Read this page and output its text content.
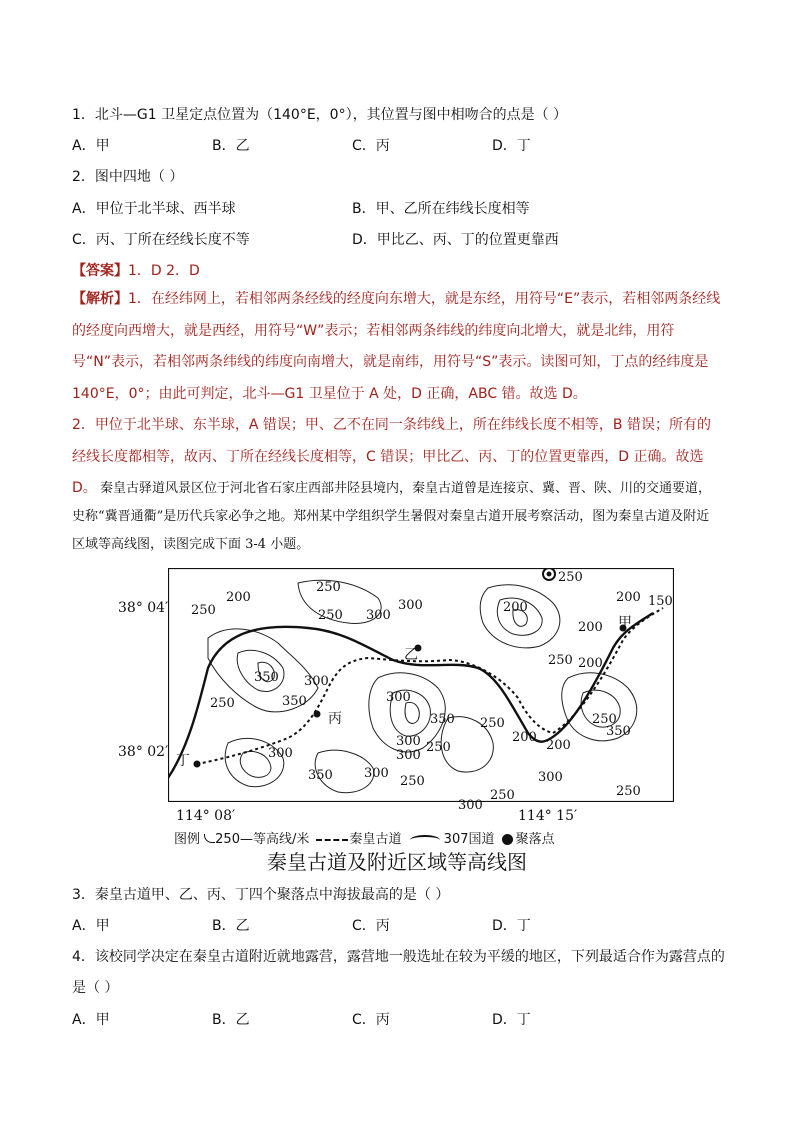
1．北斗—G1 卫星定点位置为（140°E，0°），其位置与图中相吻合的点是（ ）
A．甲	B．乙	C．丙	D．丁
2．图中四地（ ）
A．甲位于北半球、西半球	B．甲、乙所在纬线长度相等
C．丙、丁所在经线长度不等	D．甲比乙、丙、丁的位置更靠西
【答案】1．D 2．D
【解析】1．在经纬网上，若相邻两条经线的经度向东增大，就是东经，用符号“E”表示，若相邻两条经线的经度向西增大，就是西经，用符号“W”表示；若相邻两条纬线的纬度向北增大，就是北纬，用符号“N”表示，若相邻两条纬线的纬度向南增大，就是南纬，用符号“S”表示。读图可知，丁点的经纬度是 140°E，0°；由此可判定，北斗—G1 卫星位于 A 处，D 正确，ABC 错。故选 D。
2．甲位于北半球、东半球，A 错误；甲、乙不在同一条纬线上，所在纬线长度不相等，B 错误；所有的经线长度都相等，故丙、丁所在经线长度相等，C 错误；甲比乙、丙、丁的位置更靠西，D 正确。故选 D。 秦皇古驿道风景区位于河北省石家庄西部井陉县境内，秦皇古道曾是连接京、冀、晋、陕、川的交通要道，史称“冀晋通衢”是历代兵家必争之地。郑州某中学组织学生暑假对秦皇古道开展考察活动，图为秦皇古道及附近区域等高线图，读图完成下面 3-4 小题。
250
200
250
300
250
200 150
200
250 300
200
250 200
350 300
250	350	300
300
350 250
200
250
350
200
300	300
250
300
250
300
350	300
250	250
甲
乙
丙
丁
38° 04′
38° 02′
114° 08′	114° 15′
图例 250—等高线/米	秦皇古道	307国道 聚落点
秦皇古道及附近区域等高线图
3．秦皇古道甲、乙、丙、丁四个聚落点中海拔最高的是（ ）
A．甲	B．乙	C．丙	D．丁
4．该校同学决定在秦皇古道附近就地露营，露营地一般选址在较为平缓的地区，下列最适合作为露营点的
是（ ）
A．甲	B．乙	C．丙	D．丁
